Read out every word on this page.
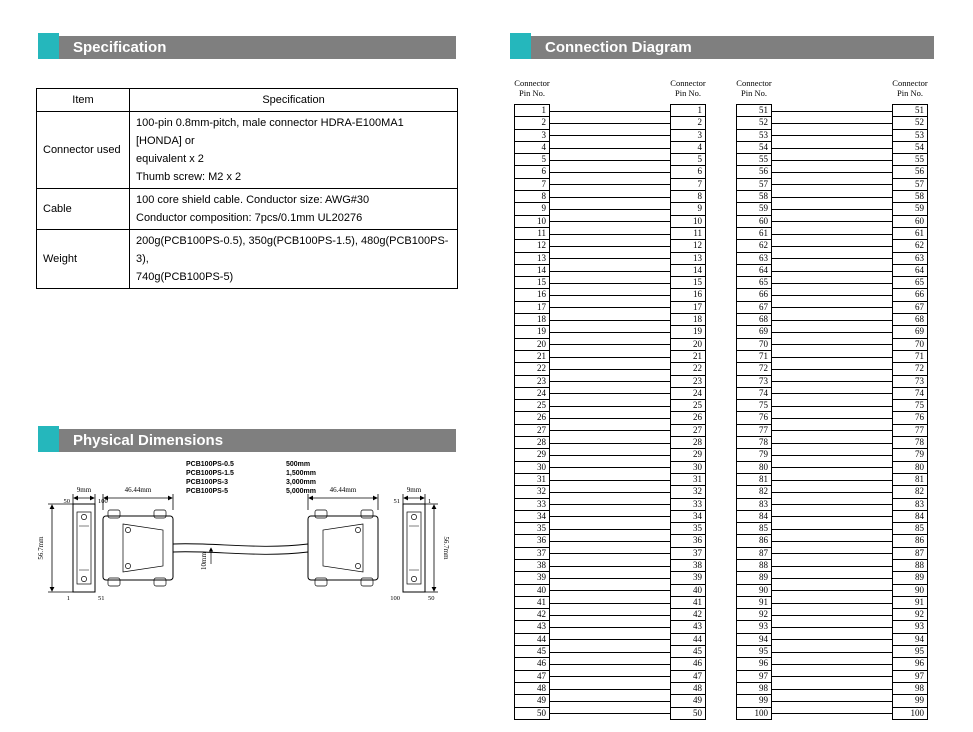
Specification
Item	Specification
Connector used	100-pin 0.8mm-pitch, male connector HDRA-E100MA1 [HONDA] or
equivalent x 2
Thumb screw: M2 x 2

Cable	100 core shield cable. Conductor size: AWG#30
Conductor composition: 7pcs/0.1mm UL20276

Weight	200g(PCB100PS-0.5), 350g(PCB100PS-1.5), 480g(PCB100PS-3),
740g(PCB100PS-5)
Physical Dimensions
PCB100PS-0.5	500mm
PCB100PS-1.5	1,500mm
PCB100PS-3	3,000mm
PCB100PS-5	5,000mm
9mm	46.44mm	46.44mm	9mm
10mm
56.7mm	56.7mm
50	100
1	51
51	1
100	50
Connection Diagram
Connector
Pin No.
Connector
Pin No.
1	1
2	2
3	3
4	4
5	5
6	6
7	7
8	8
9	9
10	10
11	11
12	12
13	13
14	14
15	15
16	16
17	17
18	18
19	19
20	20
21	21
22	22
23	23
24	24
25	25
26	26
27	27
28	28
29	29
30	30
31	31
32	32
33	33
34	34
35	35
36	36
37	37
38	38
39	39
40	40
41	41
42	42
43	43
44	44
45	45
46	46
47	47
48	48
49	49
50	50
Connector
Pin No.
Connector
Pin No.
51	51
52	52
53	53
54	54
55	55
56	56
57	57
58	58
59	59
60	60
61	61
62	62
63	63
64	64
65	65
66	66
67	67
68	68
69	69
70	70
71	71
72	72
73	73
74	74
75	75
76	76
77	77
78	78
79	79
80	80
81	81
82	82
83	83
84	84
85	85
86	86
87	87
88	88
89	89
90	90
91	91
92	92
93	93
94	94
95	95
96	96
97	97
98	98
99	99
100	100
